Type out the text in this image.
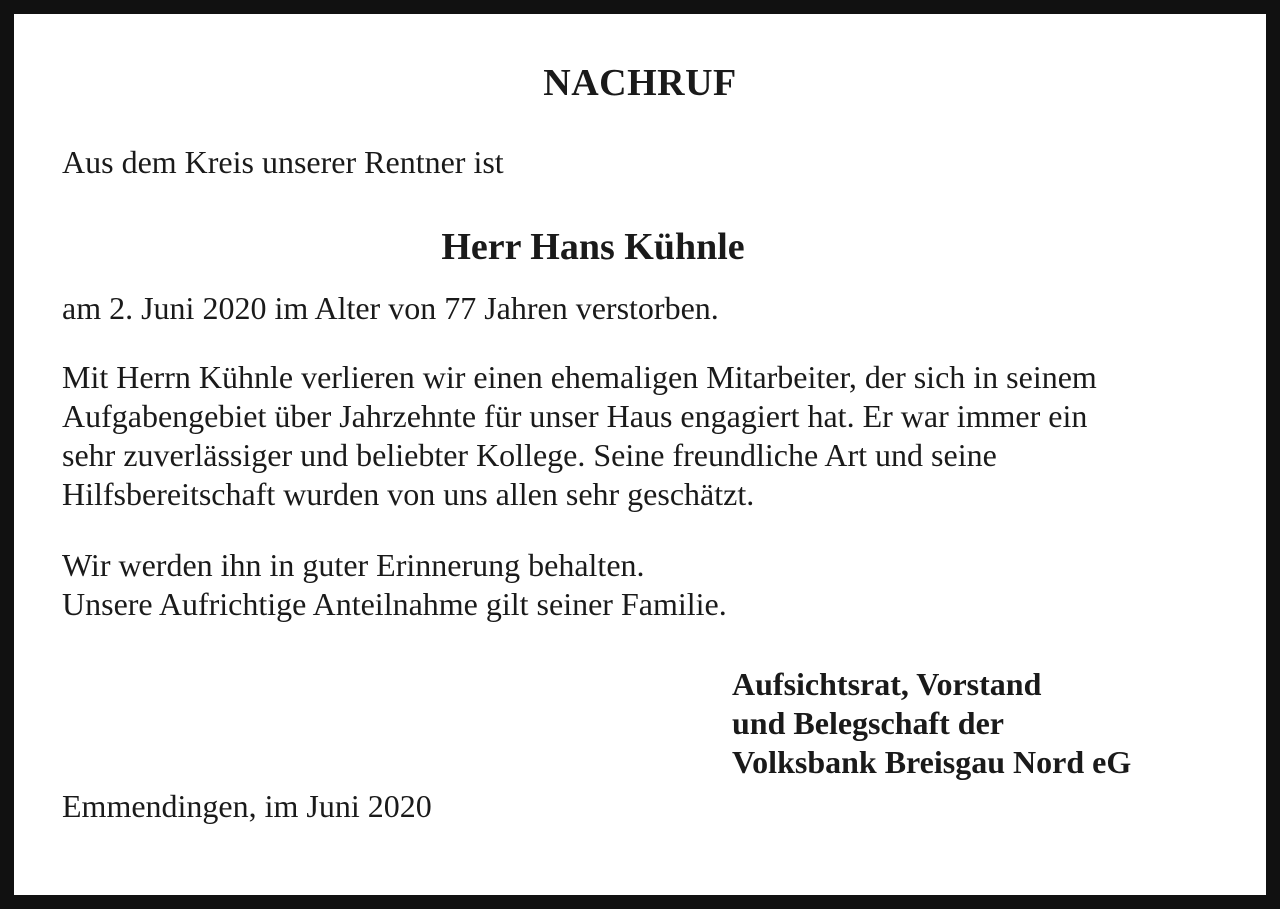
NACHRUF
Aus dem Kreis unserer Rentner ist
Herr Hans Kühnle
am 2. Juni 2020 im Alter von 77 Jahren verstorben.
Mit Herrn Kühnle verlieren wir einen ehemaligen Mitarbeiter, der sich in seinem
Aufgabengebiet über Jahrzehnte für unser Haus engagiert hat. Er war immer ein
sehr zuverlässiger und beliebter Kollege. Seine freundliche Art und seine
Hilfsbereitschaft wurden von uns allen sehr geschätzt.
Wir werden ihn in guter Erinnerung behalten.
Unsere Aufrichtige Anteilnahme gilt seiner Familie.
Aufsichtsrat, Vorstand
und Belegschaft der
Volksbank Breisgau Nord eG
Emmendingen, im Juni 2020
